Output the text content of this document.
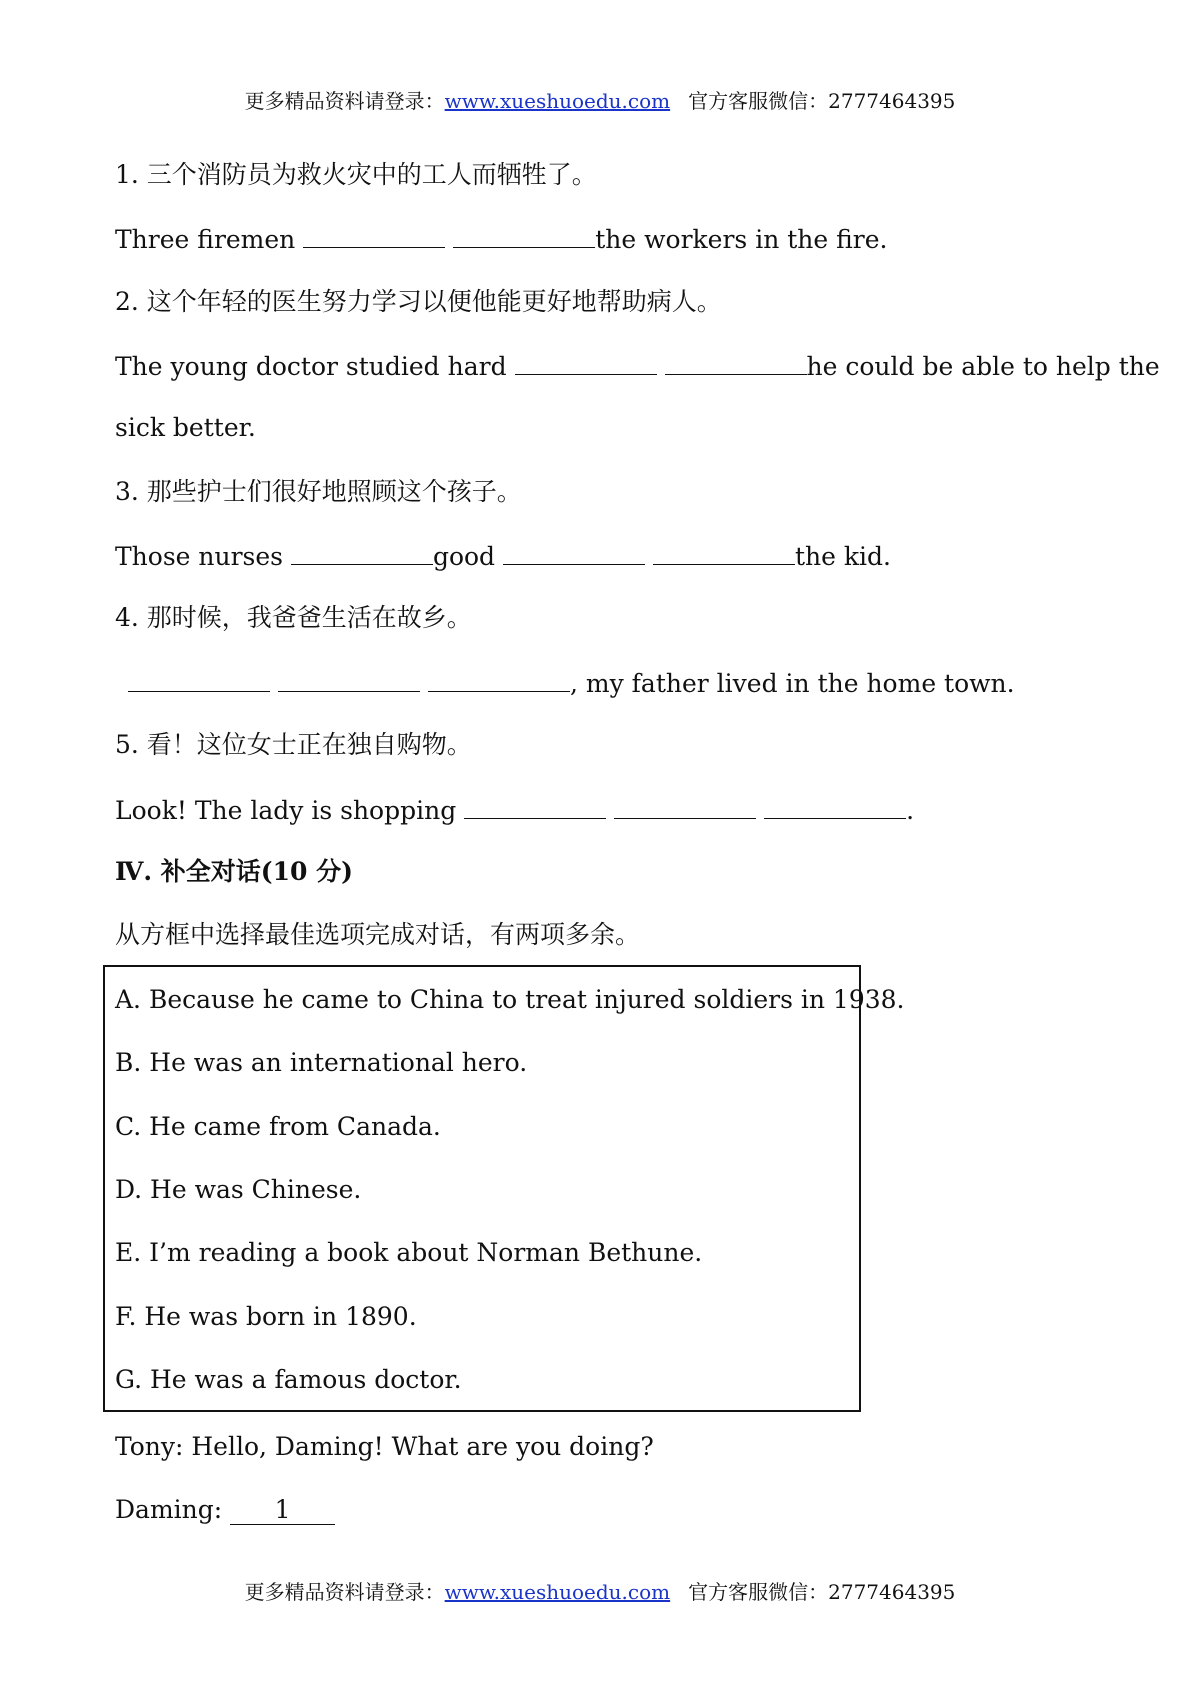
更多精品资料请登录：www.xueshuoedu.com 官方客服微信：2777464395
1. 三个消防员为救火灾中的工人而牺牲了。
Three firemen	the workers in the fire.
2. 这个年轻的医生努力学习以便他能更好地帮助病人。
The young doctor studied hard	he could be able to help the
sick better.
3. 那些护士们很好地照顾这个孩子。
Those nurses	good	the kid.
4. 那时候，我爸爸生活在故乡。
, my father lived in the home town.
5. 看！这位女士正在独自购物。
Look! The lady is shopping	.
Ⅳ. 补全对话(10 分)
从方框中选择最佳选项完成对话，有两项多余。
A. Because he came to China to treat injured soldiers in 1938.
B. He was an international hero.
C. He came from Canada.
D. He was Chinese.
E. I’m reading a book about Norman Bethune.
F. He was born in 1890.
G. He was a famous doctor.
Tony: Hello, Daming! What are you doing?
Daming: 1
更多精品资料请登录：www.xueshuoedu.com 官方客服微信：2777464395
